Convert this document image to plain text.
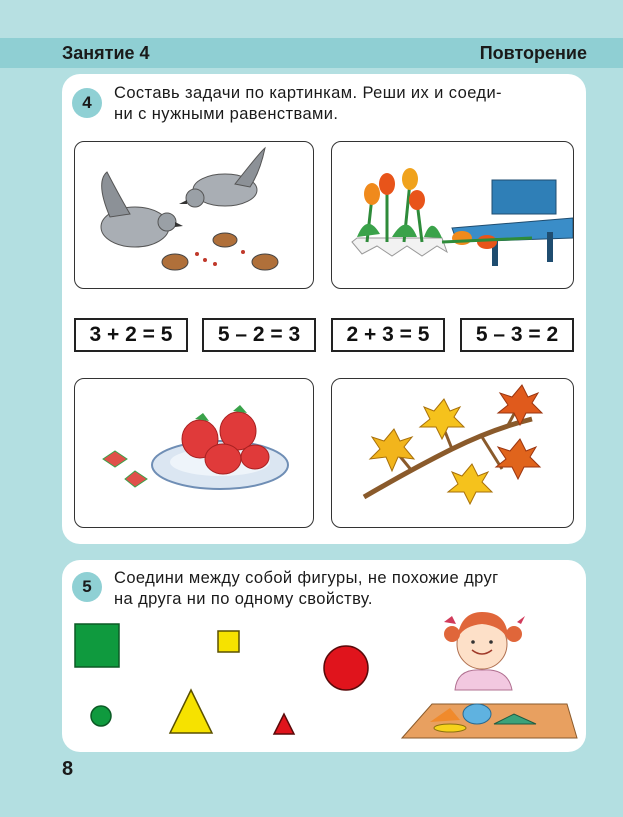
Занятие 4	Повторение
4	Составь задачи по картинкам. Реши их и соеди-
ни с нужными равенствами.
3 + 2 = 5	5 – 2 = 3	2 + 3 = 5	5 – 3 = 2
5	Соедини между собой фигуры, не похожие друг
на друга ни по одному свойству.
8
